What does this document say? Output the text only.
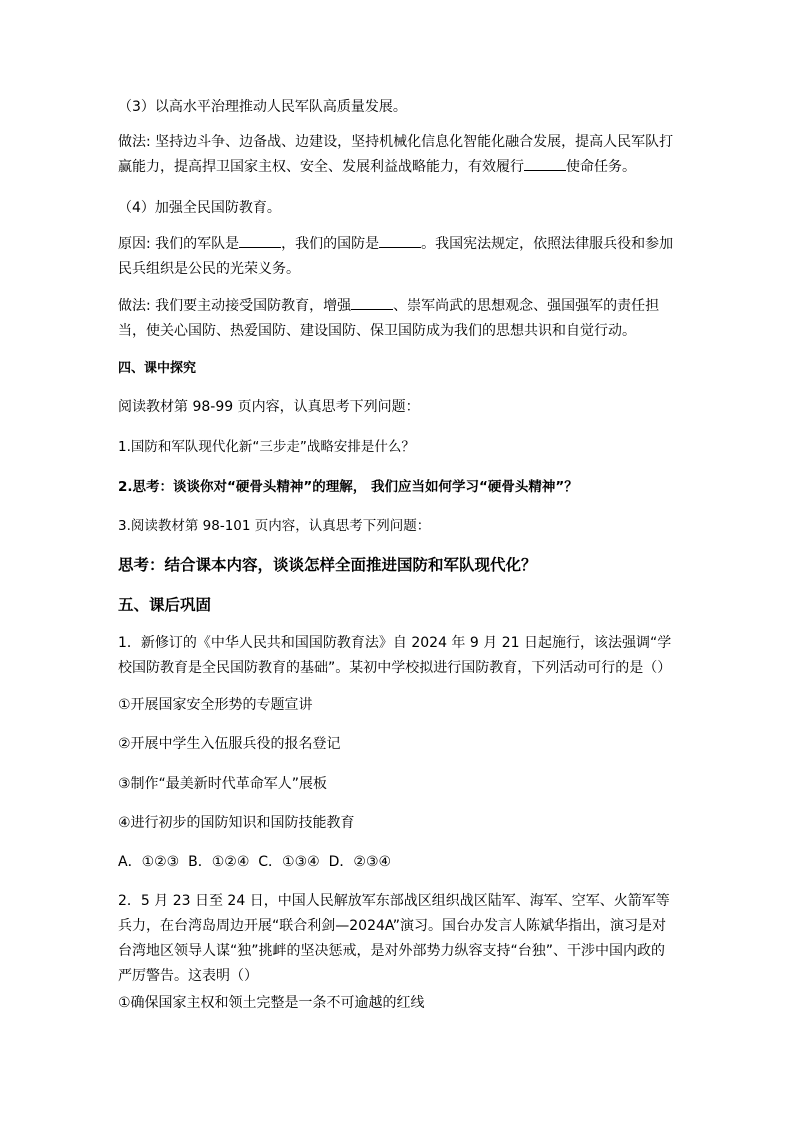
（3）以高水平治理推动人民军队高质量发展。
做法: 坚持边斗争、边备战、边建设，坚持机械化信息化智能化融合发展，提高人民军队打赢能力，提高捍卫国家主权、安全、发展利益战略能力，有效履行	使命任务。
（4）加强全民国防教育。
原因: 我们的军队是	，我们的国防是	。我国宪法规定，依照法律服兵役和参加民兵组织是公民的光荣义务。
做法: 我们要主动接受国防教育，增强	、崇军尚武的思想观念、强国强军的责任担当，使关心国防、热爱国防、建设国防、保卫国防成为我们的思想共识和自觉行动。
四、课中探究
阅读教材第 98-99 页内容，认真思考下列问题：
1.国防和军队现代化新“三步走”战略安排是什么？
2.思考：谈谈你对“硬骨头精神”的理解， 我们应当如何学习“硬骨头精神”？
3.阅读教材第 98-101 页内容，认真思考下列问题：
思考：结合课本内容，谈谈怎样全面推进国防和军队现代化？
五、课后巩固
1．新修订的《中华人民共和国国防教育法》自 2024 年 9 月 21 日起施行，该法强调“学校国防教育是全民国防教育的基础”。某初中学校拟进行国防教育，下列活动可行的是（）
①开展国家安全形势的专题宣讲
②开展中学生入伍服兵役的报名登记
③制作“最美新时代革命军人”展板
④进行初步的国防知识和国防技能教育
A．①②③  B．①②④  C．①③④  D．②③④
2．5 月 23 日至 24 日，中国人民解放军东部战区组织战区陆军、海军、空军、火箭军等兵力，在台湾岛周边开展“联合利剑—2024A”演习。国台办发言人陈斌华指出，演习是对台湾地区领导人谋“独”挑衅的坚决惩戒，是对外部势力纵容支持“台独”、干涉中国内政的严厉警告。这表明（）
①确保国家主权和领土完整是一条不可逾越的红线
